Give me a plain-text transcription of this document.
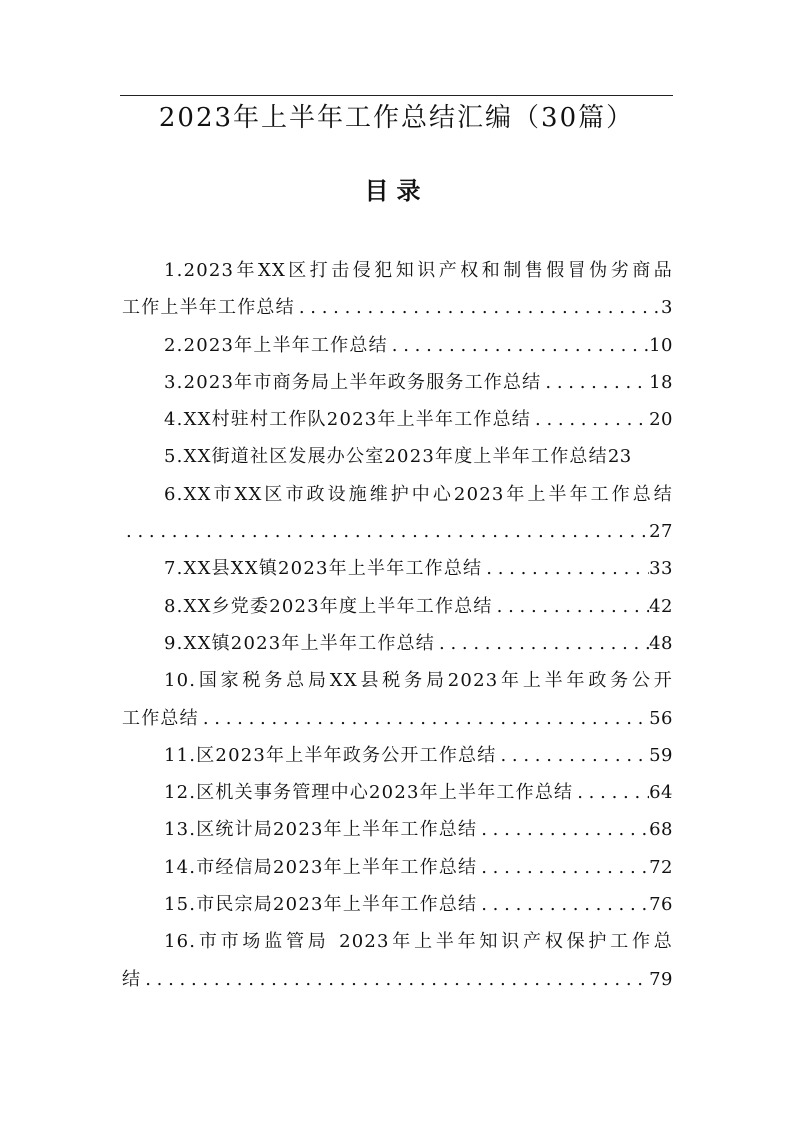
2023年上半年工作总结汇编（30篇）
目录
1.2023年XX区打击侵犯知识产权和制售假冒伪劣商品
工作上半年工作总结 . . .	3
2.2023年上半年工作总结 . . .	10
3.2023年市商务局上半年政务服务工作总结 . . .	18
4.XX村驻村工作队2023年上半年工作总结 . . .	20
5.XX街道社区发展办公室2023年度上半年工作总结 23
6.XX市XX区市政设施维护中心2023年上半年工作总结
. . .
27
7.XX县XX镇2023年上半年工作总结 . . .	33
8.XX乡党委2023年度上半年工作总结 . . .	42
9.XX镇2023年上半年工作总结 . . .	48
10.国家税务总局XX县税务局2023年上半年政务公开
工作总结 . . .	56
11.区2023年上半年政务公开工作总结 . . .	59
12.区机关事务管理中心2023年上半年工作总结 . . .	64
13.区统计局2023年上半年工作总结 . . .	68
14.市经信局2023年上半年工作总结 . . .	72
15.市民宗局2023年上半年工作总结 . . .	76
16.市市场监管局 2023年上半年知识产权保护工作总
结 . . .	79
